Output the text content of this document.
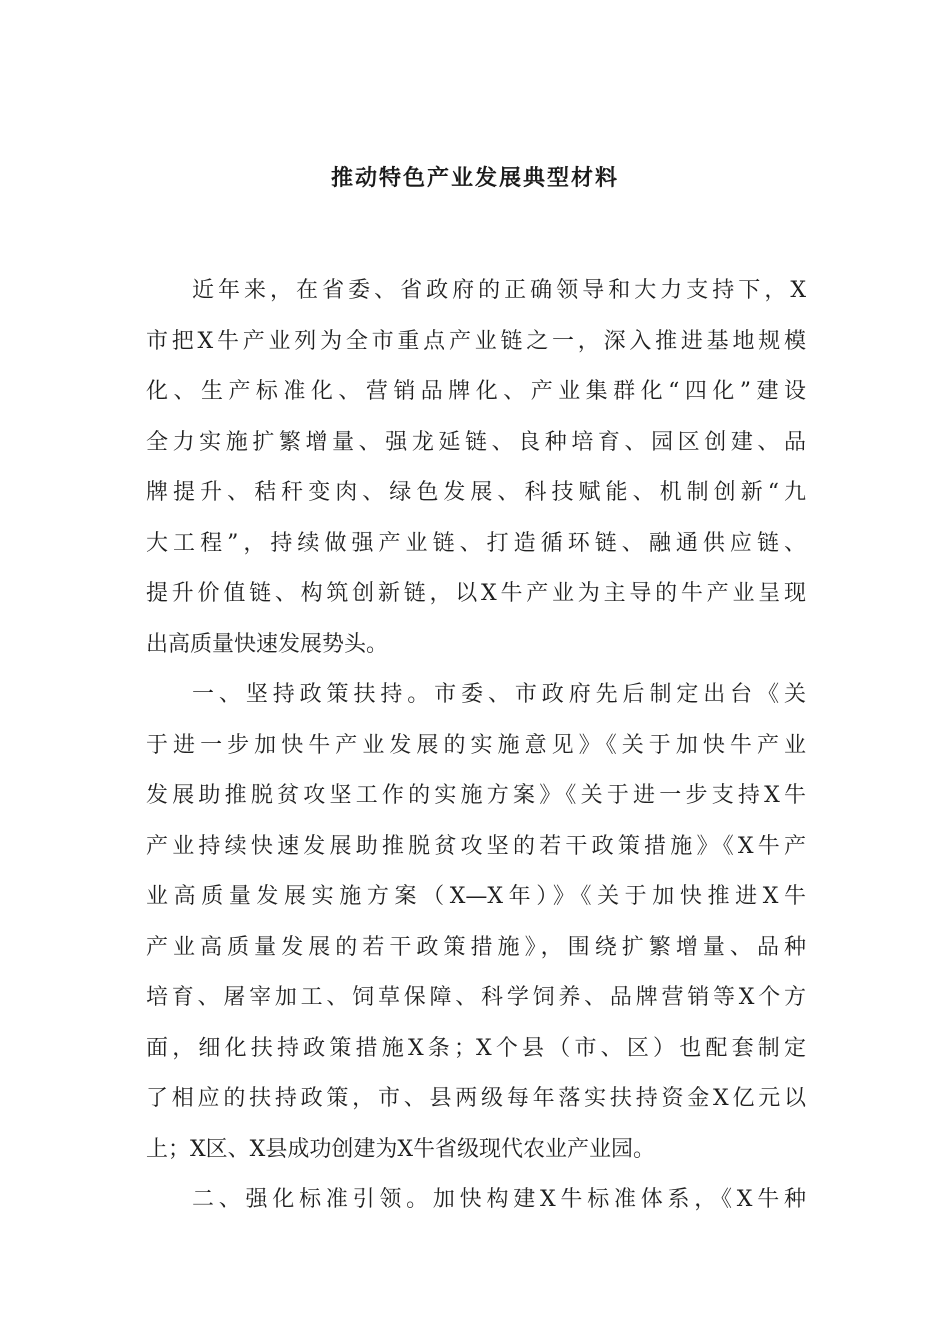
推动特色产业发展典型材料
近年来，在省委、省政府的正确领导和大力支持下，X
市把X牛产业列为全市重点产业链之一，深入推进基地规模
化、生产标准化、营销品牌化、产业集群化“四化”建设
全力实施扩繁增量、强龙延链、良种培育、园区创建、品
牌提升、秸秆变肉、绿色发展、科技赋能、机制创新“九
大工程”，持续做强产业链、打造循环链、融通供应链、
提升价值链、构筑创新链，以X牛产业为主导的牛产业呈现
出高质量快速发展势头。
一、坚持政策扶持。市委、市政府先后制定出台《关
于进一步加快牛产业发展的实施意见》《关于加快牛产业
发展助推脱贫攻坚工作的实施方案》《关于进一步支持X牛
产业持续快速发展助推脱贫攻坚的若干政策措施》《X牛产
业高质量发展实施方案（X—X年）》《关于加快推进X牛
产业高质量发展的若干政策措施》，围绕扩繁增量、品种
培育、屠宰加工、饲草保障、科学饲养、品牌营销等X个方
面，细化扶持政策措施X条；X个县（市、区）也配套制定
了相应的扶持政策，市、县两级每年落实扶持资金X亿元以
上；X区、X县成功创建为X牛省级现代农业产业园。
二、强化标准引领。加快构建X牛标准体系，《X牛种
